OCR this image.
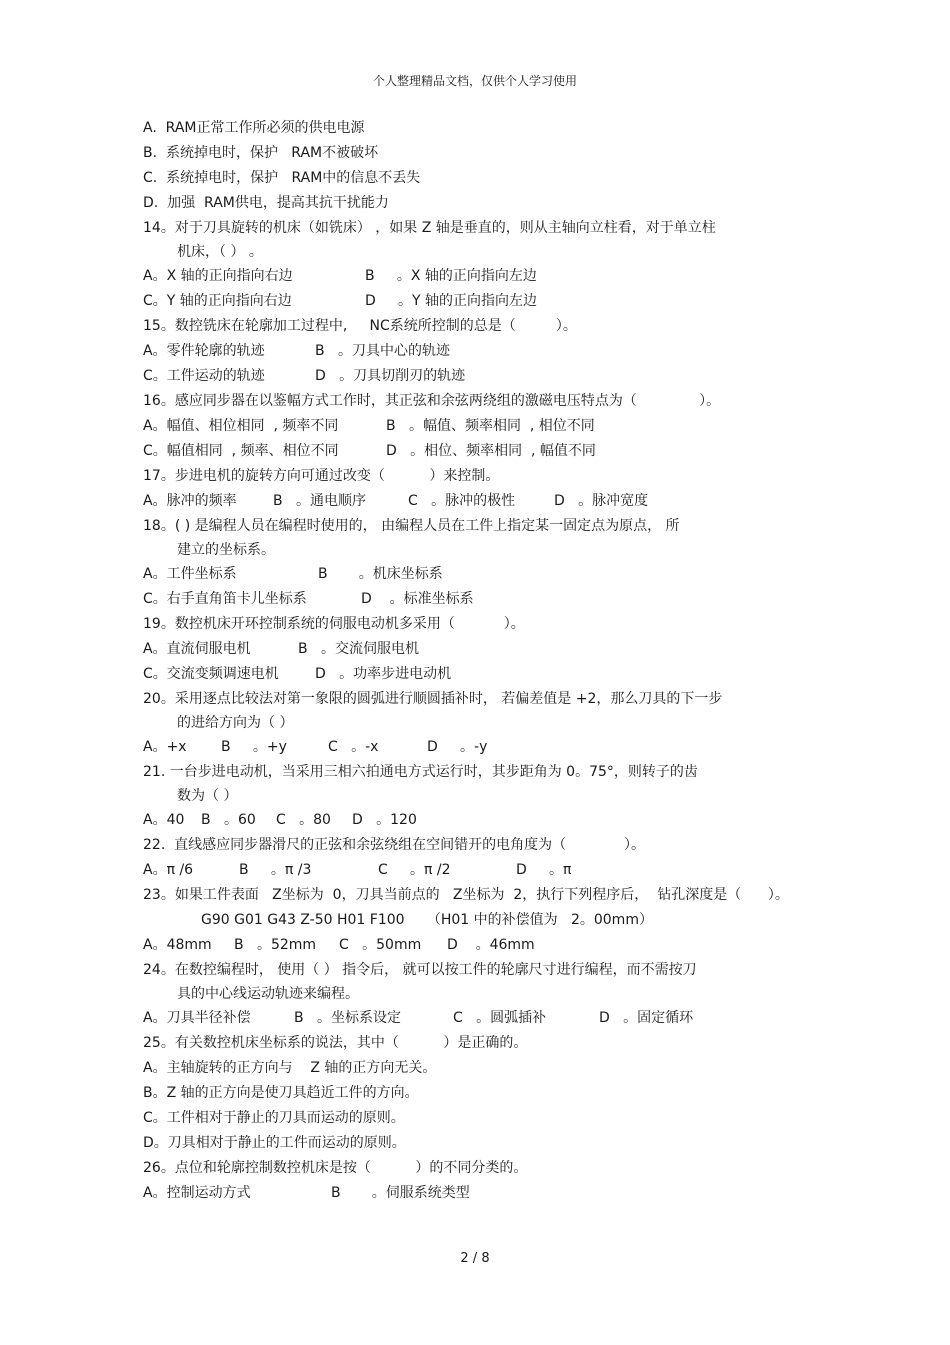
个人整理精品文档，仅供个人学习使用
A.  RAM正常工作所必须的供电电源
B.  系统掉电时，保护   RAM不被破坏
C.  系统掉电时，保护   RAM中的信息不丢失
D.  加强  RAM供电，提高其抗干扰能力
14。对于刀具旋转的机床（如铣床） ，如果 Z 轴是垂直的，则从主轴向立柱看，对于单立柱
机床，（ ） 。
A。X 轴的正向指向右边	B     。X 轴的正向指向左边
C。Y 轴的正向指向右边	D     。Y 轴的正向指向左边
15。数控铣床在轮廓加工过程中,     NC系统所控制的总是（         ）。
A。零件轮廓的轨迹	B   。刀具中心的轨迹
C。工件运动的轨迹	D   。刀具切削刃的轨迹
16。感应同步器在以鉴幅方式工作时，其正弦和余弦两绕组的激磁电压特点为（              ）。
A。幅值、相位相同  , 频率不同	B   。幅值、频率相同  , 相位不同
C。幅值相同  , 频率、相位不同	D   。相位、频率相同  , 幅值不同
17。步进电机的旋转方向可通过改变（          ）来控制。
A。脉冲的频率	B   。通电顺序	C   。脉冲的极性	D   。脉冲宽度
18。( ) 是编程人员在编程时使用的， 由编程人员在工件上指定某一固定点为原点， 所
建立的坐标系。
A。工件坐标系	B       。机床坐标系
C。右手直角笛卡儿坐标系	D    。标准坐标系
19。数控机床开环控制系统的伺服电动机多采用（           ）。
A。直流伺服电机	B   。交流伺服电机
C。交流变频调速电机	D   。功率步进电动机
20。采用逐点比较法对第一象限的圆弧进行顺圆插补时， 若偏差值是 +2，那么刀具的下一步
的进给方向为（ ）
A。+x B     。+y	C   。-x	D     。-y
21. 一台步进电动机，当采用三相六拍通电方式运行时，其步距角为 0。75°，则转子的齿
数为（ ）
A。40 B   。60 C   。80 D   。120
22.  直线感应同步器滑尺的正弦和余弦绕组在空间错开的电角度为（             ）。
A。π /6	B     。π /3	C     。π /2	D     。π
23。如果工件表面   Z坐标为  0，刀具当前点的   Z坐标为  2，执行下列程序后，  钻孔深度是（      ）。
G90 G01 G43 Z-50 H01 F100     （H01 中的补偿值为   2。00mm）
A。48mm B   。52mm C   。50mm D    。46mm
24。在数控编程时， 使用（ ） 指令后， 就可以按工件的轮廓尺寸进行编程，而不需按刀
具的中心线运动轨迹来编程。
A。刀具半径补偿	B   。坐标系设定	C   。圆弧插补	D   。固定循环
25。有关数控机床坐标系的说法，其中（          ）是正确的。
A。主轴旋转的正方向与    Z 轴的正方向无关。
B。Z 轴的正方向是使刀具趋近工件的方向。
C。工件相对于静止的刀具而运动的原则。
D。刀具相对于静止的工件而运动的原则。
26。点位和轮廓控制数控机床是按（          ）的不同分类的。
A。控制运动方式	B       。伺服系统类型
2 / 8
